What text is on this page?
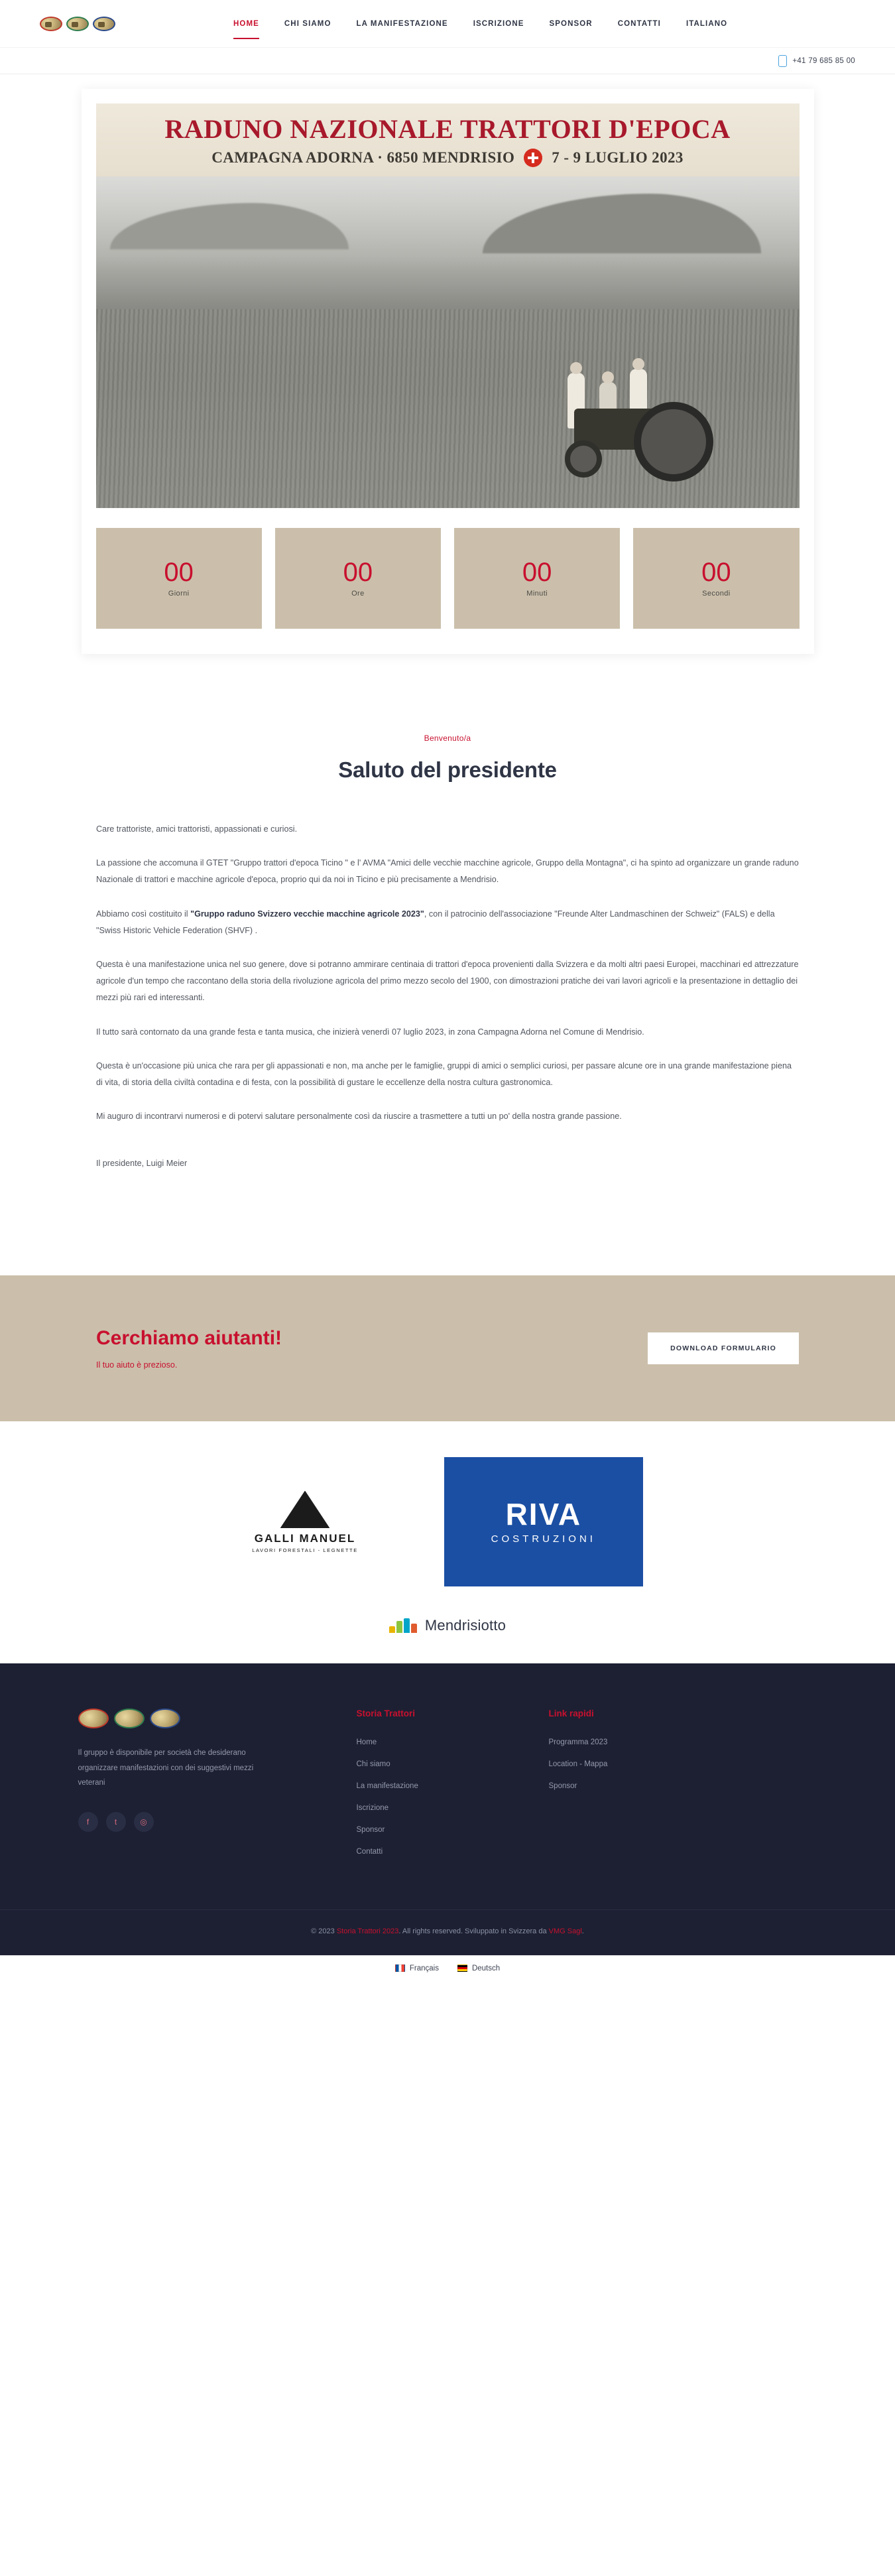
HOME	CHI SIAMO	LA MANIFESTAZIONE	ISCRIZIONE	SPONSOR	CONTATTI	ITALIANO
+41 79 685 85 00
RADUNO NAZIONALE TRATTORI D'EPOCA
CAMPAGNA ADORNA · 6850 MENDRISIO 7 - 9 LUGLIO 2023
00
Giorni
00
Ore
00
Minuti
00
Secondi
Benvenuto/a
Saluto del presidente

Care trattoriste, amici trattoristi, appassionati e curiosi.

La passione che accomuna il GTET "Gruppo trattori d'epoca Ticino " e l' AVMA "Amici delle vecchie macchine agricole, Gruppo della Montagna", ci ha spinto ad organizzare un grande raduno Nazionale di trattori e macchine agricole d'epoca, proprio qui da noi in Ticino e più precisamente a Mendrisio.

Abbiamo così costituito il "Gruppo raduno Svizzero vecchie macchine agricole 2023", con il patrocinio dell'associazione "Freunde Alter Landmaschinen der Schweiz" (FALS) e della "Swiss Historic Vehicle Federation (SHVF) .

Questa è una manifestazione unica nel suo genere, dove si potranno ammirare centinaia di trattori d'epoca provenienti dalla Svizzera e da molti altri paesi Europei, macchinari ed attrezzature agricole d'un tempo che raccontano della storia della rivoluzione agricola del primo mezzo secolo del 1900, con dimostrazioni pratiche dei vari lavori agricoli e la presentazione in dettaglio dei mezzi più rari ed interessanti.

Il tutto sarà contornato da una grande festa e tanta musica, che inizierà venerdì 07 luglio 2023, in zona Campagna Adorna nel Comune di Mendrisio.

Questa è un'occasione più unica che rara per gli appassionati e non, ma anche per le famiglie, gruppi di amici o semplici curiosi, per passare alcune ore in una grande manifestazione piena di vita, di storia della civiltà contadina e di festa, con la possibilità di gustare le eccellenze della nostra cultura gastronomica.

Mi auguro di incontrarvi numerosi e di potervi salutare personalmente così da riuscire a trasmettere a tutti un po' della nostra grande passione.

Il presidente, Luigi Meier

Cerchiamo aiutanti!
Il tuo aiuto è prezioso.
DOWNLOAD FORMULARIO
GALLI MANUEL
LAVORI FORESTALI - LEGNETTE
RIVA
COSTRUZIONI
Mendrisiotto
Il gruppo è disponibile per società che desiderano organizzare manifestazioni con dei suggestivi mezzi veterani
f	t	◎
Storia Trattori
Home
Chi siamo
La manifestazione
Iscrizione
Sponsor
Contatti
Link rapidi
Programma 2023
Location - Mappa
Sponsor
© 2023 Storia Trattori 2023. All rights reserved. Sviluppato in Svizzera da VMG Sagl.
Français	Deutsch
